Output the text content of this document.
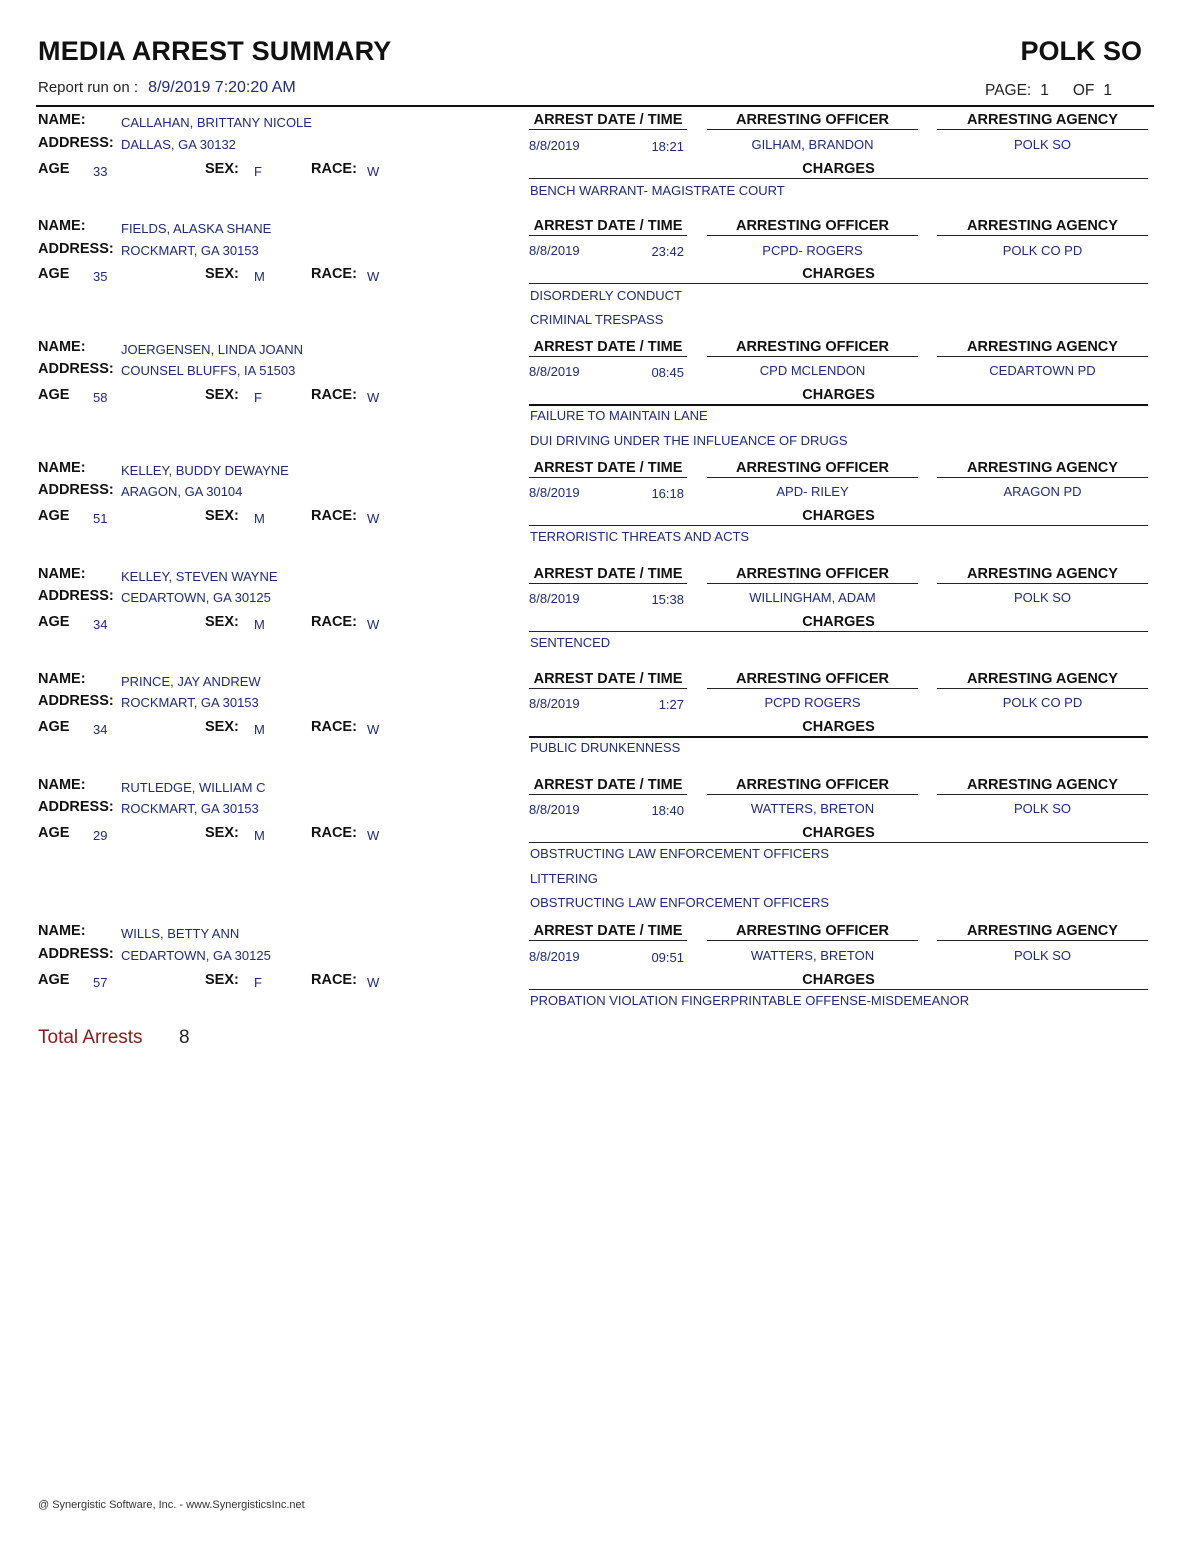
MEDIA ARREST SUMMARY	POLK SO
Report run on : 8/9/2019 7:20:20 AM	PAGE: 1 OF 1
NAME:	CALLAHAN, BRITTANY NICOLE
ADDRESS: DALLAS, GA 30132
AGE 33	SEX: F	RACE: W
ARREST DATE / TIME	ARRESTING OFFICER	ARRESTING AGENCY
8/8/2019	18:21	GILHAM, BRANDON	POLK SO
CHARGES
BENCH WARRANT- MAGISTRATE COURT
NAME:	FIELDS, ALASKA SHANE
ADDRESS: ROCKMART, GA 30153
AGE 35	SEX: M	RACE: W
ARREST DATE / TIME	ARRESTING OFFICER	ARRESTING AGENCY
8/8/2019	23:42	PCPD- ROGERS	POLK CO PD
CHARGES
DISORDERLY CONDUCT
CRIMINAL TRESPASS
NAME:	JOERGENSEN, LINDA JOANN
ADDRESS: COUNSEL BLUFFS, IA 51503
AGE 58	SEX: F	RACE: W
ARREST DATE / TIME	ARRESTING OFFICER	ARRESTING AGENCY
8/8/2019	08:45	CPD MCLENDON	CEDARTOWN PD
CHARGES
FAILURE TO MAINTAIN LANE
DUI DRIVING UNDER THE INFLUEANCE OF DRUGS
NAME:	KELLEY, BUDDY DEWAYNE
ADDRESS: ARAGON, GA 30104
AGE 51	SEX: M	RACE: W
ARREST DATE / TIME	ARRESTING OFFICER	ARRESTING AGENCY
8/8/2019	16:18	APD- RILEY	ARAGON PD
CHARGES
TERRORISTIC THREATS AND ACTS
NAME:	KELLEY, STEVEN WAYNE
ADDRESS: CEDARTOWN, GA 30125
AGE 34	SEX: M	RACE: W
ARREST DATE / TIME	ARRESTING OFFICER	ARRESTING AGENCY
8/8/2019	15:38	WILLINGHAM, ADAM	POLK SO
CHARGES
SENTENCED
NAME:	PRINCE, JAY ANDREW
ADDRESS: ROCKMART, GA 30153
AGE 34	SEX: M	RACE: W
ARREST DATE / TIME	ARRESTING OFFICER	ARRESTING AGENCY
8/8/2019	1:27	PCPD ROGERS	POLK CO PD
CHARGES
PUBLIC DRUNKENNESS
NAME:	RUTLEDGE, WILLIAM C
ADDRESS: ROCKMART, GA 30153
AGE 29	SEX: M	RACE: W
ARREST DATE / TIME	ARRESTING OFFICER	ARRESTING AGENCY
8/8/2019	18:40	WATTERS, BRETON	POLK SO
CHARGES
OBSTRUCTING LAW ENFORCEMENT OFFICERS
LITTERING
OBSTRUCTING LAW ENFORCEMENT OFFICERS
NAME:	WILLS, BETTY ANN
ADDRESS: CEDARTOWN, GA 30125
AGE 57	SEX: F	RACE: W
ARREST DATE / TIME	ARRESTING OFFICER	ARRESTING AGENCY
8/8/2019	09:51	WATTERS, BRETON	POLK SO
CHARGES
PROBATION VIOLATION FINGERPRINTABLE OFFENSE-MISDEMEANOR
Total Arrests 8
@ Synergistic Software, Inc. - www.SynergisticsInc.net
